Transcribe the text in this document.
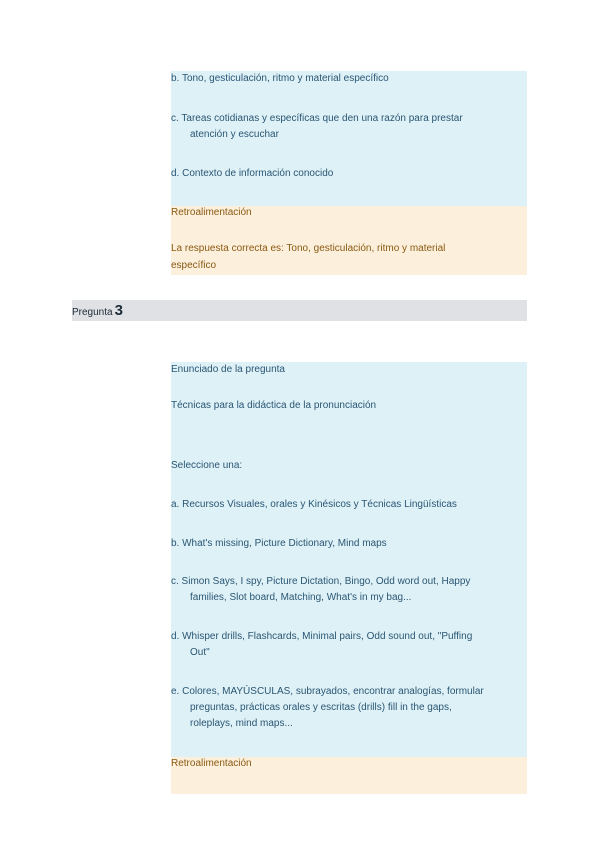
b. Tono, gesticulación, ritmo y material específico

c. Tareas cotidianas y específicas que den una razón para prestar
atención y escuchar

d. Contexto de información conocido

Retroalimentación

La respuesta correcta es: Tono, gesticulación, ritmo y material

específico

Pregunta 3

Enunciado de la pregunta

Técnicas para la didáctica de la pronunciación

Seleccione una:

a. Recursos Visuales, orales y Kinésicos y Técnicas Lingüísticas

b. What's missing, Picture Dictionary, Mind maps

c. Simon Says, I spy, Picture Dictation, Bingo, Odd word out, Happy
families, Slot board, Matching, What's in my bag...
d. Whisper drills, Flashcards, Minimal pairs, Odd sound out, "Puffing
Out"
e. Colores, MAYÚSCULAS, subrayados, encontrar analogías, formular
preguntas, prácticas orales y escritas (drills) fill in the gaps,
roleplays, mind maps...

Retroalimentación
